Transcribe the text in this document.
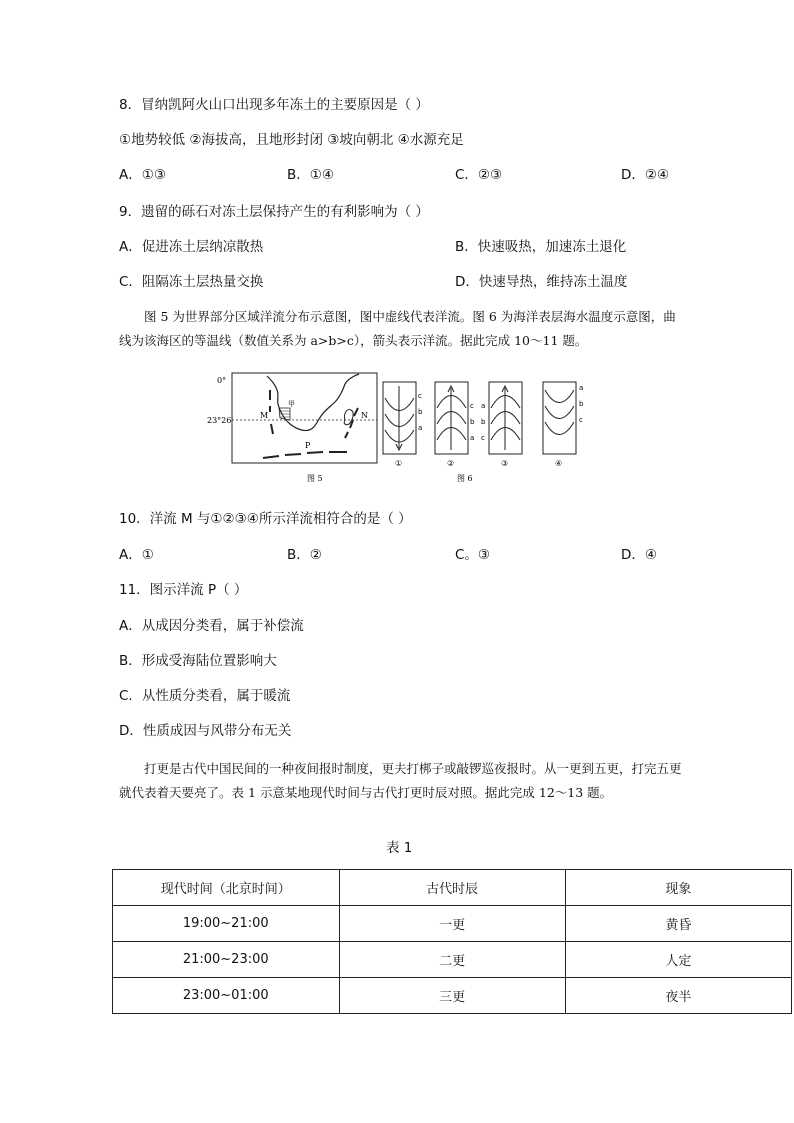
8．冒纳凯阿火山口出现多年冻土的主要原因是（ ）
①地势较低 ②海拔高，且地形封闭 ③坡向朝北 ④水源充足
A．①③	B．①④	C．②③	D．②④
9．遗留的砾石对冻土层保持产生的有利影响为（ ）
A．促进冻土层纳凉散热	B．快速吸热，加速冻土退化
C．阻隔冻土层热量交换	D．快速导热，维持冻土温度
图 5 为世界部分区域洋流分布示意图，图中虚线代表洋流。图 6 为海洋表层海水温度示意图，曲线为该海区的等温线（数值关系为 a>b>c），箭头表示洋流。据此完成 10～11 题。
0°
23°26′
甲
M	N
P
图 5
c
b
a
①
c
b
a
②
a
b
c
③
a
b
c
④
图 6
10．洋流 M 与①②③④所示洋流相符合的是（ ）
A．①	B．②	C。③	D．④
11．图示洋流 P（ ）
A．从成因分类看，属于补偿流
B．形成受海陆位置影响大
C．从性质分类看，属于暖流
D．性质成因与风带分布无关
打更是古代中国民间的一种夜间报时制度，更夫打梆子或敲锣巡夜报时。从一更到五更，打完五更就代表着天要亮了。表 1 示意某地现代时间与古代打更时辰对照。据此完成 12～13 题。
表 1
现代时间（北京时间）	古代时辰	现象
19:00~21:00	一更	黄昏
21:00~23:00	二更	人定
23:00~01:00	三更	夜半
